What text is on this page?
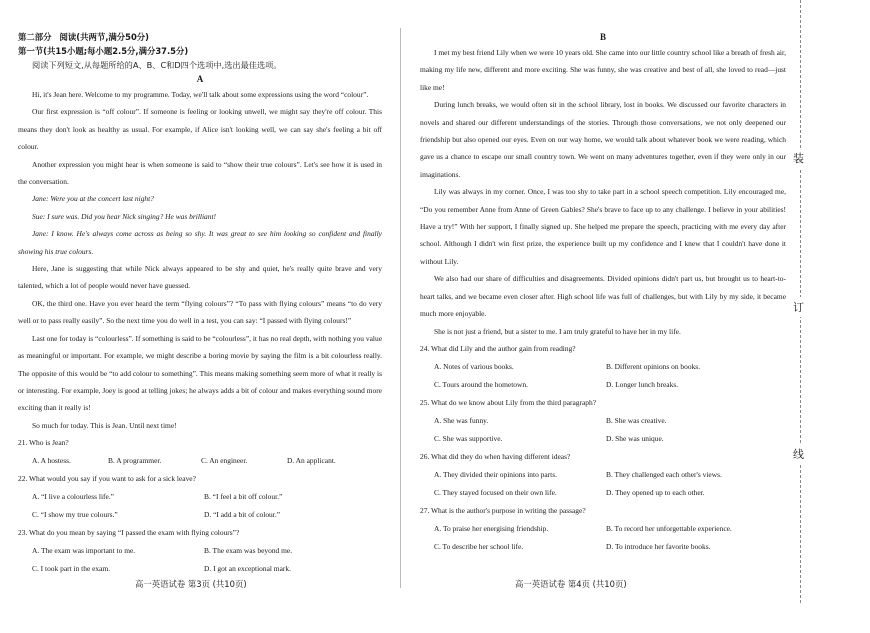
装
订
线

第二部分 阅读(共两节,满分50分)

第一节(共15小题;每小题2.5分,满分37.5分)

阅读下列短文,从每题所给的A、B、C和D四个选项中,选出最佳选项。

A

Hi, it's Jean here. Welcome to my programme. Today, we'll talk about some expressions using the word “colour”.

Our first expression is “off colour”. If someone is feeling or looking unwell, we might say they're off colour. This means they don't look as healthy as usual. For example, if Alice isn't looking well, we can say she's feeling a bit off colour.

Another expression you might hear is when someone is said to “show their true colours”. Let's see how it is used in the conversation.

Jane: Were you at the concert last night?

Sue: I sure was. Did you hear Nick singing? He was brilliant!

Jane: I know. He's always come across as being so shy. It was great to see him looking so confident and finally showing his true colours.

Here, Jane is suggesting that while Nick always appeared to be shy and quiet, he's really quite brave and very talented, which a lot of people would never have guessed.

OK, the third one. Have you ever heard the term “flying colours”? “To pass with flying colours” means “to do very well or to pass really easily”. So the next time you do well in a test, you can say: “I passed with flying colours!”

Last one for today is “colourless”. If something is said to be “colourless”, it has no real depth, with nothing you value as meaningful or important. For example, we might describe a boring movie by saying the film is a bit colourless really. The opposite of this would be “to add colour to something”. This means making something seem more of what it really is or interesting. For example, Joey is good at telling jokes; he always adds a bit of colour and makes everything sound more exciting than it really is!

So much for today. This is Jean. Until next time!

21. Who is Jean?

A. A hostess.	B. A programmer.	C. An engineer.	D. An applicant.

22. What would you say if you want to ask for a sick leave?

A. “I live a colourless life.”	B. “I feel a bit off colour.”
C. “I show my true colours.”	D. “I add a bit of colour.”

23. What do you mean by saying “I passed the exam with flying colours”?

A. The exam was important to me.	B. The exam was beyond me.
C. I took part in the exam.	D. I got an exceptional mark.

B

I met my best friend Lily when we were 10 years old. She came into our little country school like a breath of fresh air, making my life new, different and more exciting. She was funny, she was creative and best of all, she loved to read—just like me!

During lunch breaks, we would often sit in the school library, lost in books. We discussed our favorite characters in novels and shared our different understandings of the stories. Through those conversations, we not only deepened our friendship but also opened our eyes. Even on our way home, we would talk about whatever book we were reading, which gave us a chance to escape our small country town. We went on many adventures together, even if they were only in our imaginations.

Lily was always in my corner. Once, I was too shy to take part in a school speech competition. Lily encouraged me, “Do you remember Anne from Anne of Green Gables? She's brave to face up to any challenge. I believe in your abilities! Have a try!” With her support, I finally signed up. She helped me prepare the speech, practicing with me every day after school. Although I didn't win first prize, the experience built up my confidence and I knew that I couldn't have done it without Lily.

We also had our share of difficulties and disagreements. Divided opinions didn't part us, but brought us to heart-to-heart talks, and we became even closer after. High school life was full of challenges, but with Lily by my side, it became much more enjoyable.

She is not just a friend, but a sister to me. I am truly grateful to have her in my life.

24. What did Lily and the author gain from reading?

A. Notes of various books.	B. Different opinions on books.
C. Tours around the hometown.	D. Longer lunch breaks.

25. What do we know about Lily from the third paragraph?

A. She was funny.	B. She was creative.
C. She was supportive.	D. She was unique.

26. What did they do when having different ideas?

A. They divided their opinions into parts.	B. They challenged each other's views.
C. They stayed focused on their own life.	D. They opened up to each other.

27. What is the author's purpose in writing the passage?

A. To praise her energising friendship.	B. To record her unforgettable experience.
C. To describe her school life.	D. To introduce her favorite books.
高一英语试卷 第3页 (共10页)	高一英语试卷 第4页 (共10页)
